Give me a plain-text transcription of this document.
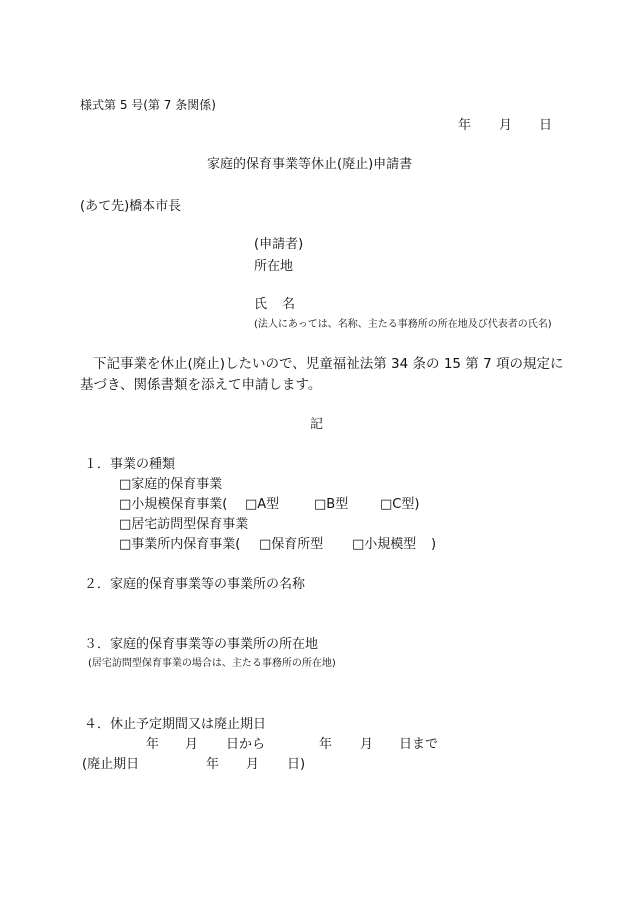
様式第 5 号(第 7 条関係)
年 月 日
家庭的保育事業等休止(廃止)申請書
(あて先)橋本市長
(申請者)
所在地
氏 名
(法人にあっては、名称、主たる事務所の所在地及び代表者の氏名)
下記事業を休止(廃止)したいので、児童福祉法第 34 条の 15 第 7 項の規定に
基づき、関係書類を添えて申請します。
記
１．事業の種類
□家庭的保育事業
□小規模保育事業( □A型	□B型 □C型)
□居宅訪問型保育事業
□事業所内保育事業( □保育所型 □小規模型 )
２．家庭的保育事業等の事業所の名称
３．家庭的保育事業等の事業所の所在地
(居宅訪問型保育事業の場合は、主たる事務所の所在地)
４．休止予定期間又は廃止期日
年 月 日から	年 月 日まで
(廃止期日	年 月 日)
